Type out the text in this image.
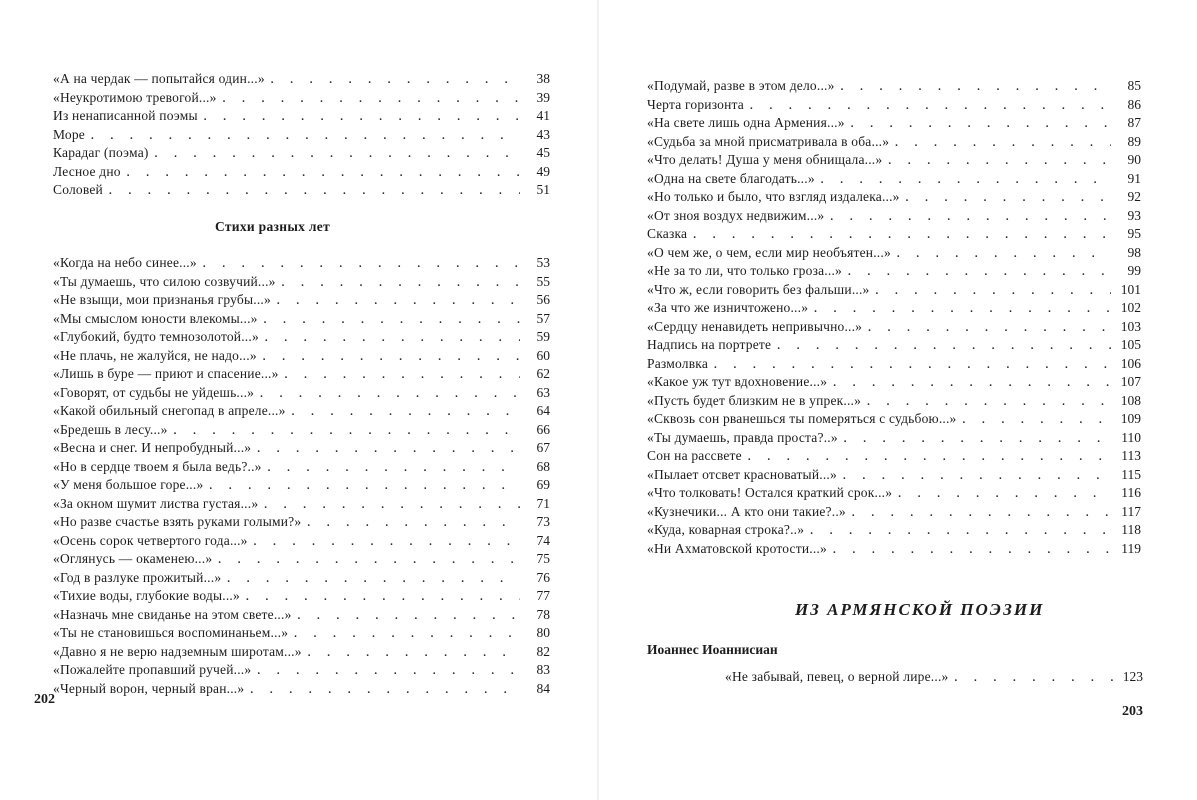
«А на чердак — попытайся один...» . . .	38
«Неукротимою тревогой...» . . .	39
Из ненаписанной поэмы . . .	41
Море . . .	43
Карадаг (поэма) . . .	45
Лесное дно . . .	49
Соловей . . .	51
Стихи разных лет
«Когда на небо синее...» . . .	53
«Ты думаешь, что силою созвучий...» . . .	55
«Не взыщи, мои признанья грубы...» . . .	56
«Мы смыслом юности влекомы...» . . .	57
«Глубокий, будто темнозолотой...» . . .	59
«Не плачь, не жалуйся, не надо...» . . .	60
«Лишь в буре — приют и спасение...» . . .	62
«Говорят, от судьбы не уйдешь...» . . .	63
«Какой обильный снегопад в апреле...» . . .	64
«Бредешь в лесу...» . . .	66
«Весна и снег. И непробудный...» . . .	67
«Но в сердце твоем я была ведь?..» . . .	68
«У меня большое горе...» . . .	69
«За окном шумит листва густая...» . . .	71
«Но разве счастье взять руками голыми?» . . .	73
«Осень сорок четвертого года...» . . .	74
«Оглянусь — окаменею...» . . .	75
«Год в разлуке прожитый...» . . .	76
«Тихие воды, глубокие воды...» . . .	77
«Назначь мне свиданье на этом свете...» . . .	78
«Ты не становишься воспоминаньем...» . . .	80
«Давно я не верю надземным широтам...» . . .	82
«Пожалейте пропавший ручей...» . . .	83
«Черный ворон, черный вран...» . . .	84
202
«Подумай, разве в этом дело...» . . .	85
Черта горизонта . . .	86
«На свете лишь одна Армения...» . . .	87
«Судьба за мной присматривала в оба...» . . .	89
«Что делать! Душа у меня обнищала...» . . .	90
«Одна на свете благодать...» . . .	91
«Но только и было, что взгляд издалека...» . . .	92
«От зноя воздух недвижим...» . . .	93
Сказка . . .	95
«О чем же, о чем, если мир необъятен...» . . .	98
«Не за то ли, что только гроза...» . . .	99
«Что ж, если говорить без фальши...» . . .	101
«За что же изничтожено...» . . .	102
«Сердцу ненавидеть непривычно...» . . .	103
Надпись на портрете . . .	105
Размолвка . . .	106
«Какое уж тут вдохновение...» . . .	107
«Пусть будет близким не в упрек...» . . .	108
«Сквозь сон рванешься ты померяться с судьбою...» . . .	109
«Ты думаешь, правда проста?..» . . .	110
Сон на рассвете . . .	113
«Пылает отсвет красноватый...» . . .	115
«Что толковать! Остался краткий срок...» . . .	116
«Кузнечики... А кто они такие?..» . . .	117
«Куда, коварная строка?..» . . .	118
«Ни Ахматовской кротости...» . . .	119
ИЗ АРМЯНСКОЙ ПОЭЗИИ
Иоаннес Иоаннисиан
«Не забывай, певец, о верной лире...» . . .	123
203
